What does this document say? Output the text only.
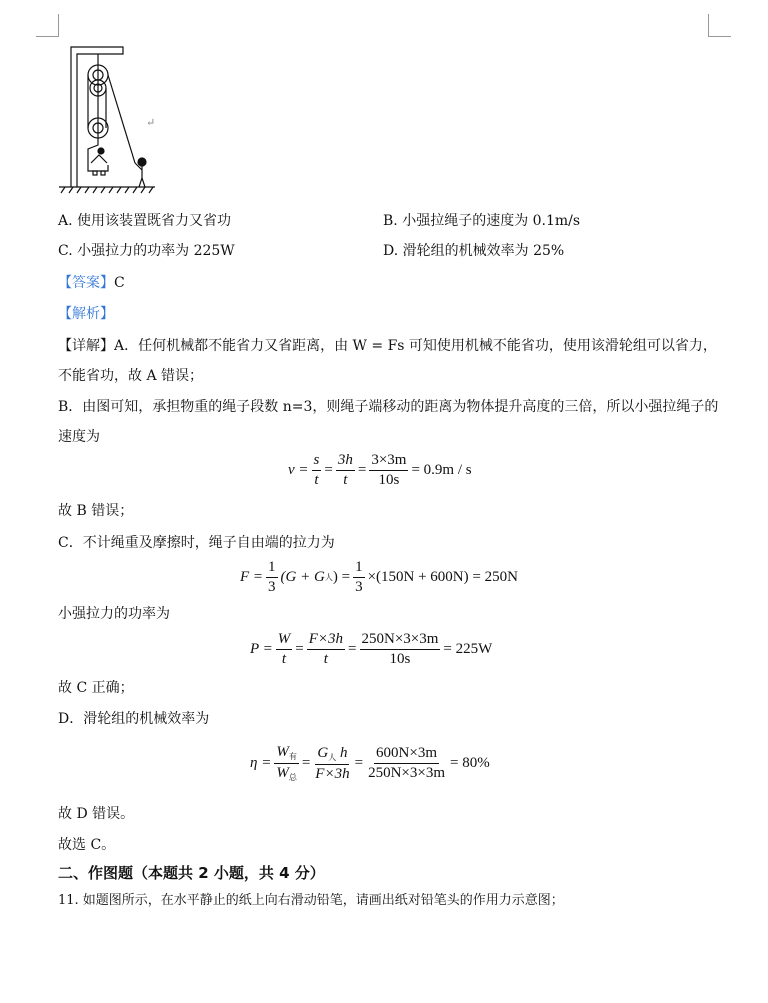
↵
A. 使用该装置既省力又省功	B. 小强拉绳子的速度为 0.1m/s
C. 小强拉力的功率为 225W	D. 滑轮组的机械效率为 25%
【答案】C
【解析】
【详解】A．任何机械都不能省力又省距离，由 W = Fs 可知使用机械不能省功，使用该滑轮组可以省力，
不能省功，故 A 错误；
B．由图可知，承担物重的绳子段数 n=3，则绳子端移动的距离为物体提升高度的三倍，所以小强拉绳子的
速度为
$v = \frac{s}{t} = \frac{3h}{t} = \frac{3\times 3m}{10s} = 0.9m / s$
故 B 错误；
C．不计绳重及摩擦时，绳子自由端的拉力为
$F = \frac{1}{3} (G + G$ 人 ) = $\frac{1}{3} \times(150N + 600N) = 250N$
小强拉力的功率为
$P = \frac{W}{t} = \frac{F\times 3h}{t} = \frac{250N\times 3\times 3m}{10s} = 225W$
故 C 正确；
D．滑轮组的机械效率为
$\eta = \frac{W_有}{W_总} = \frac{G_人 h}{F\times 3h} = \frac{600N\times 3m}{250N\times 3\times 3m} = 80\%$
故 D 错误。
故选 C。
二、作图题（本题共 2 小题，共 4 分）
11. 如题图所示，在水平静止的纸上向右滑动铅笔，请画出纸对铅笔头的作用力示意图；
